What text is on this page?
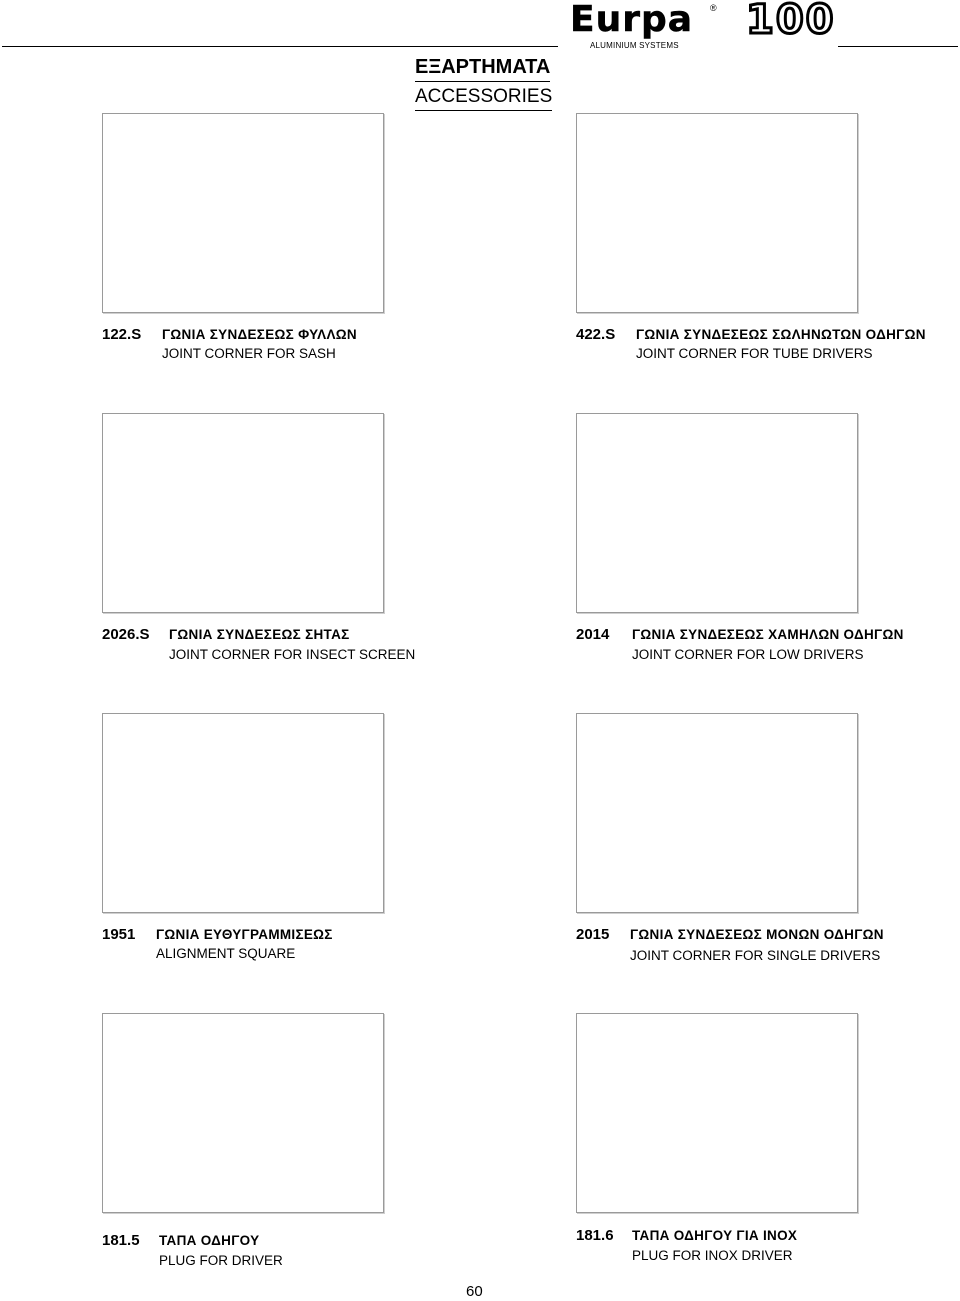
Eurpa ®
ALUMINIUM SYSTEMS
100
ΕΞΑΡΤΗΜΑΤΑ
ACCESSORIES
122.S ΓΩΝΙΑ ΣΥΝΔΕΣΕΩΣ ΦΥΛΛΩΝ
JOINT CORNER FOR SASH
422.S ΓΩΝΙΑ ΣΥΝΔΕΣΕΩΣ ΣΩΛΗΝΩΤΩΝ ΟΔΗΓΩΝ
JOINT CORNER FOR TUBE DRIVERS
2026.S ΓΩΝΙΑ ΣΥΝΔΕΣΕΩΣ ΣΗΤΑΣ
JOINT CORNER FOR INSECT SCREEN
2014 ΓΩΝΙΑ ΣΥΝΔΕΣΕΩΣ ΧΑΜΗΛΩΝ ΟΔΗΓΩΝ
JOINT CORNER FOR LOW DRIVERS
1951 ΓΩΝΙΑ ΕΥΘΥΓΡΑΜΜΙΣΕΩΣ
ALIGNMENT SQUARE
2015 ΓΩΝΙΑ ΣΥΝΔΕΣΕΩΣ ΜΟΝΩΝ ΟΔΗΓΩΝ
JOINT CORNER FOR SINGLE DRIVERS
181.5 ΤΑΠΑ ΟΔΗΓΟΥ
PLUG FOR DRIVER
181.6 ΤΑΠΑ ΟΔΗΓΟΥ ΓΙΑ INOX
PLUG FOR INOX DRIVER
60
